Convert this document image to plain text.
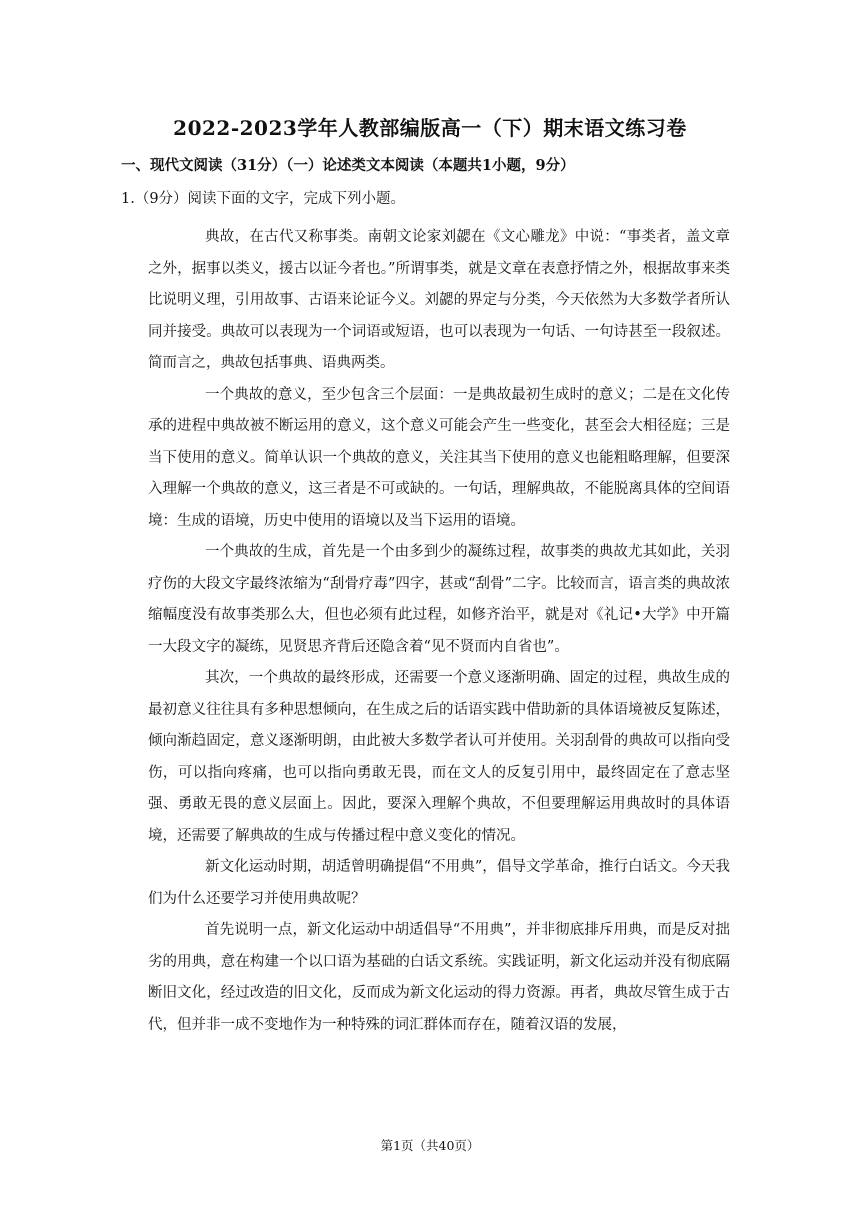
2022-2023学年人教部编版高一（下）期末语文练习卷
一、现代文阅读（31分）（一）论述类文本阅读（本题共1小题，9分）
1.（9分）阅读下面的文字，完成下列小题。

典故，在古代又称事类。南朝文论家刘勰在《文心雕龙》中说：“事类者，盖文章之外，据事以类义，援古以证今者也。”所谓事类，就是文章在表意抒情之外，根据故事来类比说明义理，引用故事、古语来论证今义。刘勰的界定与分类，今天依然为大多数学者所认同并接受。典故可以表现为一个词语或短语，也可以表现为一句话、一句诗甚至一段叙述。简而言之，典故包括事典、语典两类。

一个典故的意义，至少包含三个层面：一是典故最初生成时的意义；二是在文化传承的进程中典故被不断运用的意义，这个意义可能会产生一些变化，甚至会大相径庭；三是当下使用的意义。简单认识一个典故的意义，关注其当下使用的意义也能粗略理解，但要深入理解一个典故的意义，这三者是不可或缺的。一句话，理解典故，不能脱离具体的空间语境：生成的语境，历史中使用的语境以及当下运用的语境。

一个典故的生成，首先是一个由多到少的凝练过程，故事类的典故尤其如此，关羽疗伤的大段文字最终浓缩为“刮骨疗毒”四字，甚或“刮骨”二字。比较而言，语言类的典故浓缩幅度没有故事类那么大，但也必须有此过程，如修齐治平，就是对《礼记•大学》中开篇一大段文字的凝练，见贤思齐背后还隐含着“见不贤而内自省也”。

其次，一个典故的最终形成，还需要一个意义逐渐明确、固定的过程，典故生成的最初意义往往具有多种思想倾向，在生成之后的话语实践中借助新的具体语境被反复陈述，倾向渐趋固定，意义逐渐明朗，由此被大多数学者认可并使用。关羽刮骨的典故可以指向受伤，可以指向疼痛，也可以指向勇敢无畏，而在文人的反复引用中，最终固定在了意志坚强、勇敢无畏的意义层面上。因此，要深入理解个典故，不但要理解运用典故时的具体语境，还需要了解典故的生成与传播过程中意义变化的情况。

新文化运动时期，胡适曾明确提倡“不用典”，倡导文学革命，推行白话文。今天我们为什么还要学习并使用典故呢？

首先说明一点，新文化运动中胡适倡导“不用典”，并非彻底排斥用典，而是反对拙劣的用典，意在构建一个以口语为基础的白话文系统。实践证明，新文化运动并没有彻底隔断旧文化，经过改造的旧文化，反而成为新文化运动的得力资源。再者，典故尽管生成于古代，但并非一成不变地作为一种特殊的词汇群体而存在，随着汉语的发展，

第1页（共40页）
